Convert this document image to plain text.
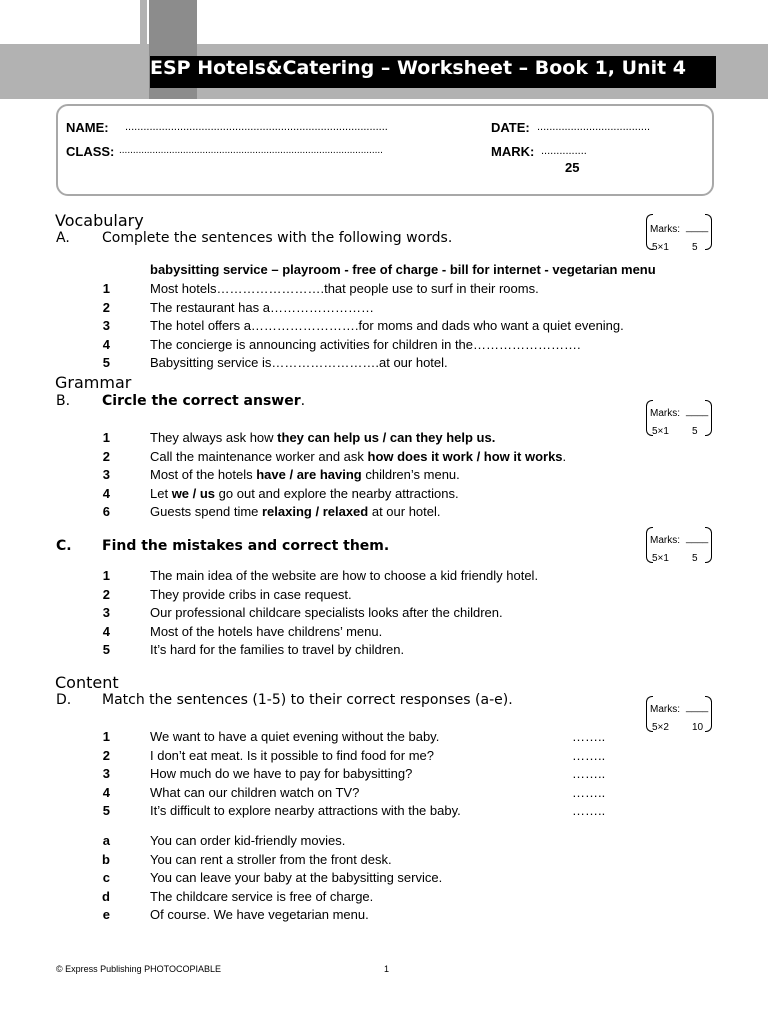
ESP Hotels&Catering – Worksheet – Book 1, Unit 4
NAME: ......................................................................................	DATE: .....................................
CLASS: ...............................................................................................	MARK: ...............
25
Vocabulary
A. Complete the sentences with the following words.
Marks: ____
5×1 5
babysitting service – playroom - free of charge - bill for internet - vegetarian menu
1	Most hotels…………………….that people use to surf in their rooms.
2	The restaurant has a……………………
3	The hotel offers a…………………….for moms and dads who want a quiet evening.
4	The concierge is announcing activities for children in the…………………….
5	Babysitting service is…………………….at our hotel.
Grammar
B. Circle the correct answer.
Marks: ____
5×1 5
1	They always ask how they can help us / can they help us.
2	Call the maintenance worker and ask how does it work / how it works.
3	Most of the hotels have / are having children’s menu.
4	Let we / us go out and explore the nearby attractions.
6	Guests spend time relaxing / relaxed at our hotel.
C. Find the mistakes and correct them.	Marks: ____
5×1 5
1	The main idea of the website are how to choose a kid friendly hotel.
2	They provide cribs in case request.
3	Our professional childcare specialists looks after the children.
4	Most of the hotels have childrens’ menu.
5	It’s hard for the families to travel by children.
Content
D. Match the sentences (1-5) to their correct responses (a-e).
Marks: ____
5×2 10
1	We want to have a quiet evening without the baby.	……..
2	I don’t eat meat. Is it possible to find food for me?	……..
3	How much do we have to pay for babysitting?	……..
4	What can our children watch on TV?	……..
5	It’s difficult to explore nearby attractions with the baby.	……..
a	You can order kid-friendly movies.
b	You can rent a stroller from the front desk.
c	You can leave your baby at the babysitting service.
d	The childcare service is free of charge.
e	Of course. We have vegetarian menu.
© Express Publishing PHOTOCOPIABLE	1
